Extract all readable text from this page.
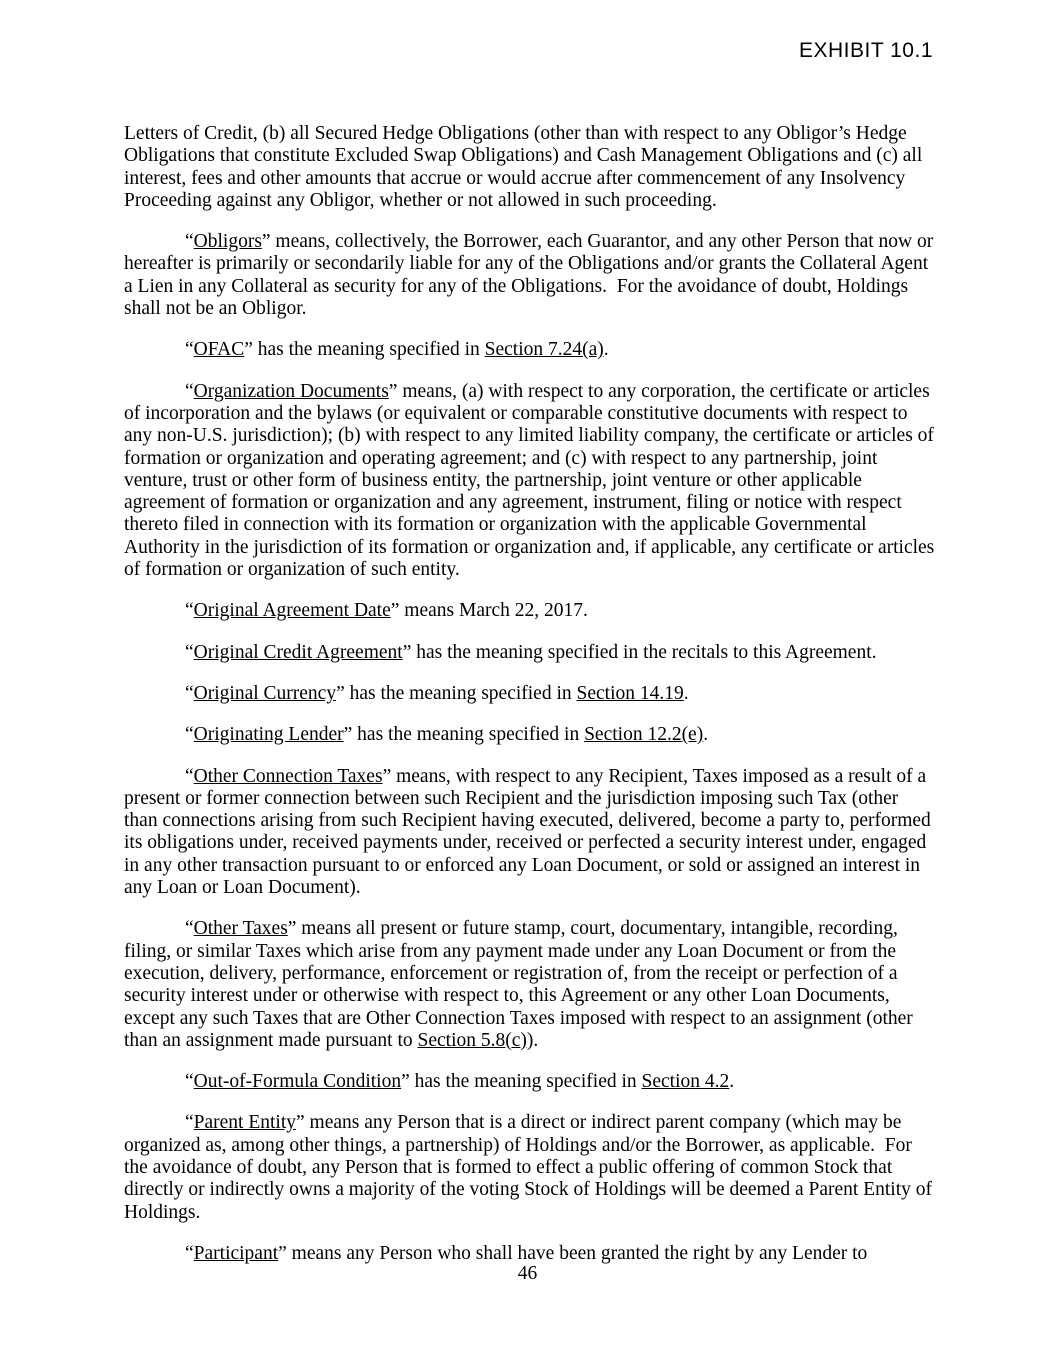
EXHIBIT 10.1

Letters of Credit, (b) all Secured Hedge Obligations (other than with respect to any Obligor’s Hedge Obligations that constitute Excluded Swap Obligations) and Cash Management Obligations and (c) all interest, fees and other amounts that accrue or would accrue after commencement of any Insolvency Proceeding against any Obligor, whether or not allowed in such proceeding.

“Obligors” means, collectively, the Borrower, each Guarantor, and any other Person that now or hereafter is primarily or secondarily liable for any of the Obligations and/or grants the Collateral Agent a Lien in any Collateral as security for any of the Obligations.  For the avoidance of doubt, Holdings shall not be an Obligor.

“OFAC” has the meaning specified in Section 7.24(a).

“Organization Documents” means, (a) with respect to any corporation, the certificate or articles of incorporation and the bylaws (or equivalent or comparable constitutive documents with respect to any non-U.S. jurisdiction); (b) with respect to any limited liability company, the certificate or articles of formation or organization and operating agreement; and (c) with respect to any partnership, joint venture, trust or other form of business entity, the partnership, joint venture or other applicable agreement of formation or organization and any agreement, instrument, filing or notice with respect thereto filed in connection with its formation or organization with the applicable Governmental Authority in the jurisdiction of its formation or organization and, if applicable, any certificate or articles of formation or organization of such entity.

“Original Agreement Date” means March 22, 2017.

“Original Credit Agreement” has the meaning specified in the recitals to this Agreement.

“Original Currency” has the meaning specified in Section 14.19.

“Originating Lender” has the meaning specified in Section 12.2(e).

“Other Connection Taxes” means, with respect to any Recipient, Taxes imposed as a result of a present or former connection between such Recipient and the jurisdiction imposing such Tax (other than connections arising from such Recipient having executed, delivered, become a party to, performed its obligations under, received payments under, received or perfected a security interest under, engaged in any other transaction pursuant to or enforced any Loan Document, or sold or assigned an interest in any Loan or Loan Document).

“Other Taxes” means all present or future stamp, court, documentary, intangible, recording, filing, or similar Taxes which arise from any payment made under any Loan Document or from the execution, delivery, performance, enforcement or registration of, from the receipt or perfection of a security interest under or otherwise with respect to, this Agreement or any other Loan Documents, except any such Taxes that are Other Connection Taxes imposed with respect to an assignment (other than an assignment made pursuant to Section 5.8(c)).

“Out-of-Formula Condition” has the meaning specified in Section 4.2.

“Parent Entity” means any Person that is a direct or indirect parent company (which may be organized as, among other things, a partnership) of Holdings and/or the Borrower, as applicable.  For the avoidance of doubt, any Person that is formed to effect a public offering of common Stock that directly or indirectly owns a majority of the voting Stock of Holdings will be deemed a Parent Entity of Holdings.

“Participant” means any Person who shall have been granted the right by any Lender to

46
